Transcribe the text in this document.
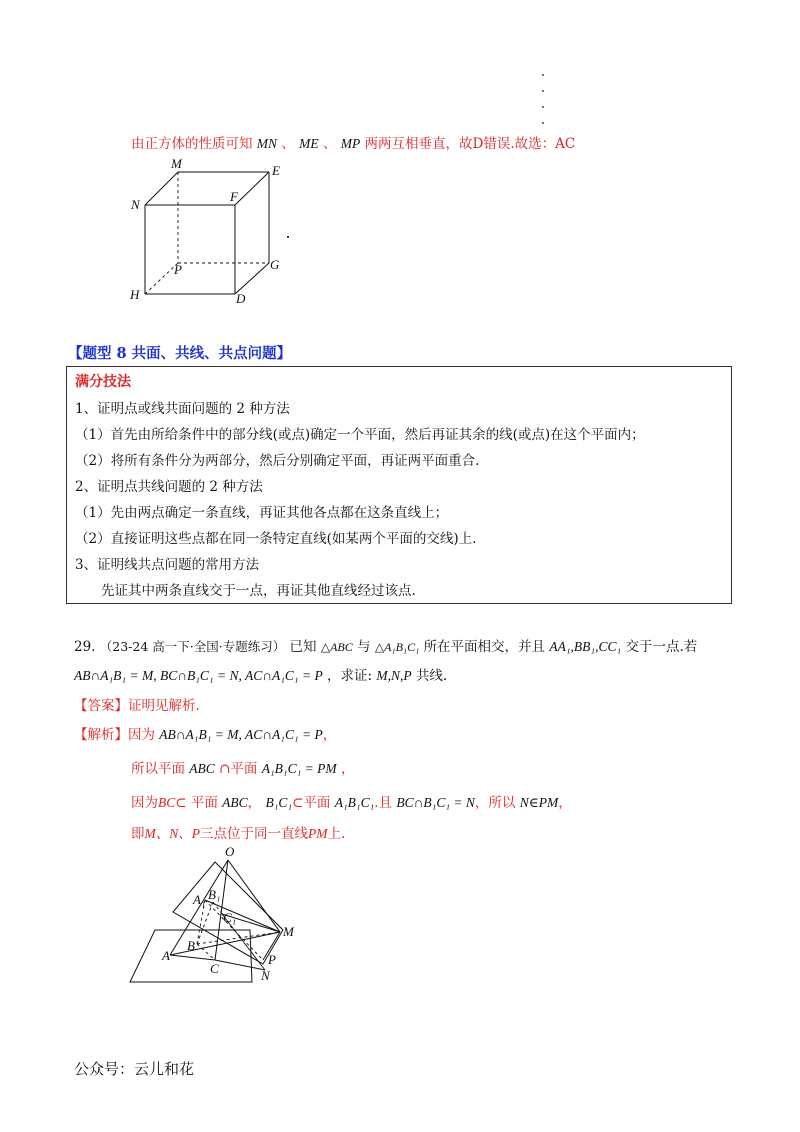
由正方体的性质可知 MN 、 ME 、 MP 两两互相垂直，故D错误.故选：AC
M	E
N
F
P	G
H	D
【题型 8 共面、共线、共点问题】
满分技法
1、证明点或线共面问题的 2 种方法
（1）首先由所给条件中的部分线(或点)确定一个平面，然后再证其余的线(或点)在这个平面内；
（2）将所有条件分为两部分，然后分别确定平面，再证两平面重合.
2、证明点共线问题的 2 种方法
（1）先由两点确定一条直线，再证其他各点都在这条直线上；
（2）直接证明这些点都在同一条特定直线(如某两个平面的交线)上.
3、证明线共点问题的常用方法
先证其中两条直线交于一点，再证其他直线经过该点.
29. （23-24 高一下·全国·专题练习） 已知 △ABC 与 △A₁B₁C₁ 所在平面相交，并且 AA₁,BB₁,CC₁ 交于一点.若
AB∩A₁B₁ = M, BC∩B₁C₁ = N, AC∩A₁C₁ = P ，求证: M,N,P 共线.
【答案】证明见解析.
【解析】因为 AB∩A₁B₁ = M, AC∩A₁C₁ = P，
所以平面 ABC ∩平面 A₁B₁C₁ = PM ，
因为BC⊂ 平面 ABC， B₁C₁⊂平面 A₁B₁C₁.且 BC∩B₁C₁ = N，所以 N∈PM，
即M、N、P三点位于同一直线PM上.
O
A₁ B₁
C₁
M
B
A
C
P
N
公众号：云儿和花
